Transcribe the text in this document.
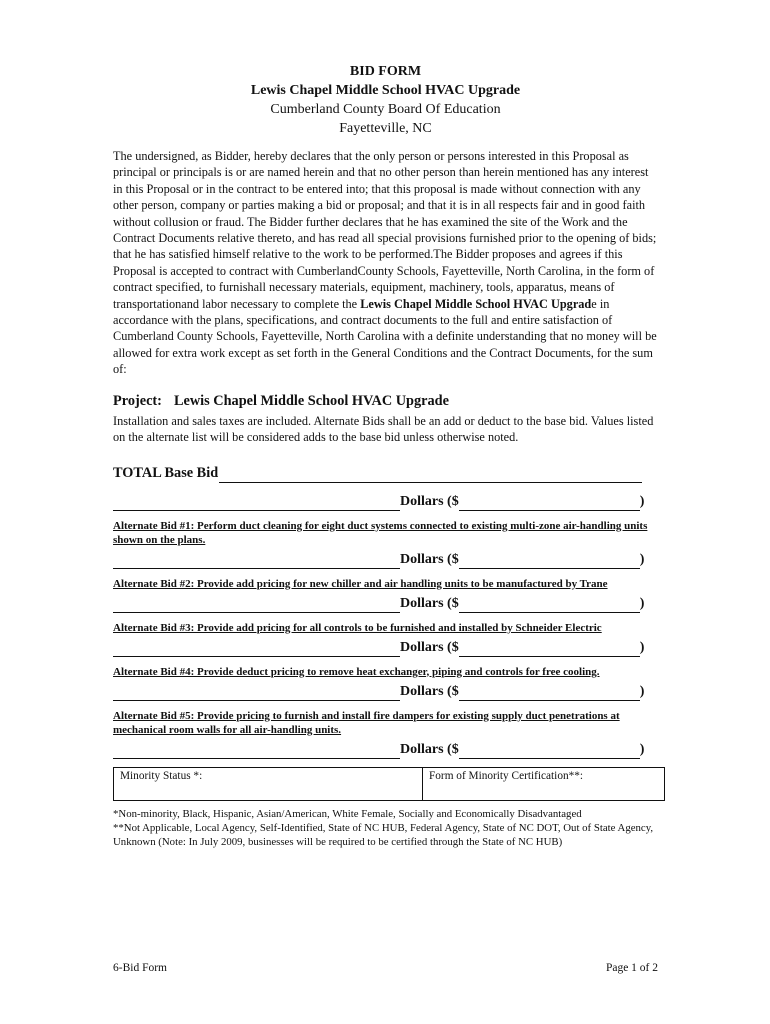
BID FORM
Lewis Chapel Middle School HVAC Upgrade
Cumberland County Board Of Education
Fayetteville, NC
The undersigned, as Bidder, hereby declares that the only person or persons interested in this Proposal as principal or principals is or are named herein and that no other person than herein mentioned has any interest in this Proposal or in the contract to be entered into; that this proposal is made without connection with any other person, company or parties making a bid or proposal; and that it is in all respects fair and in good faith without collusion or fraud. The Bidder further declares that he has examined the site of the Work and the Contract Documents relative thereto, and has read all special provisions furnished prior to the opening of bids; that he has satisfied himself relative to the work to be performed.The Bidder proposes and agrees if this Proposal is accepted to contract with CumberlandCounty Schools, Fayetteville, North Carolina, in the form of contract specified, to furnishall necessary materials, equipment, machinery, tools, apparatus, means of transportationand labor necessary to complete the Lewis Chapel Middle School HVAC Upgrade in accordance with the plans, specifications, and contract documents to the full and entire satisfaction of Cumberland County Schools, Fayetteville, North Carolina with a definite understanding that no money will be allowed for extra work except as set forth in the General Conditions and the Contract Documents, for the sum of:
Project: Lewis Chapel Middle School HVAC Upgrade
Installation and sales taxes are included. Alternate Bids shall be an add or deduct to the base bid. Values listed on the alternate list will be considered adds to the base bid unless otherwise noted.
TOTAL Base Bid
Dollars ($	)
Alternate Bid #1: Perform duct cleaning for eight duct systems connected to existing multi-zone air-handling units shown on the plans.
Dollars ($	)
Alternate Bid #2: Provide add pricing for new chiller and air handling units to be manufactured by Trane
Dollars ($	)
Alternate Bid #3: Provide add pricing for all controls to be furnished and installed by Schneider Electric
Dollars ($	)
Alternate Bid #4: Provide deduct pricing to remove heat exchanger, piping and controls for free cooling.
Dollars ($	)
Alternate Bid #5: Provide pricing to furnish and install fire dampers for existing supply duct penetrations at mechanical room walls for all air-handling units.
Dollars ($	)
Minority Status *:	Form of Minority Certification**:
*Non-minority, Black, Hispanic, Asian/American, White Female, Socially and Economically Disadvantaged
**Not Applicable, Local Agency, Self-Identified, State of NC HUB, Federal Agency, State of NC DOT, Out of State Agency, Unknown (Note: In July 2009, businesses will be required to be certified through the State of NC HUB)
6-Bid Form	Page 1 of 2
